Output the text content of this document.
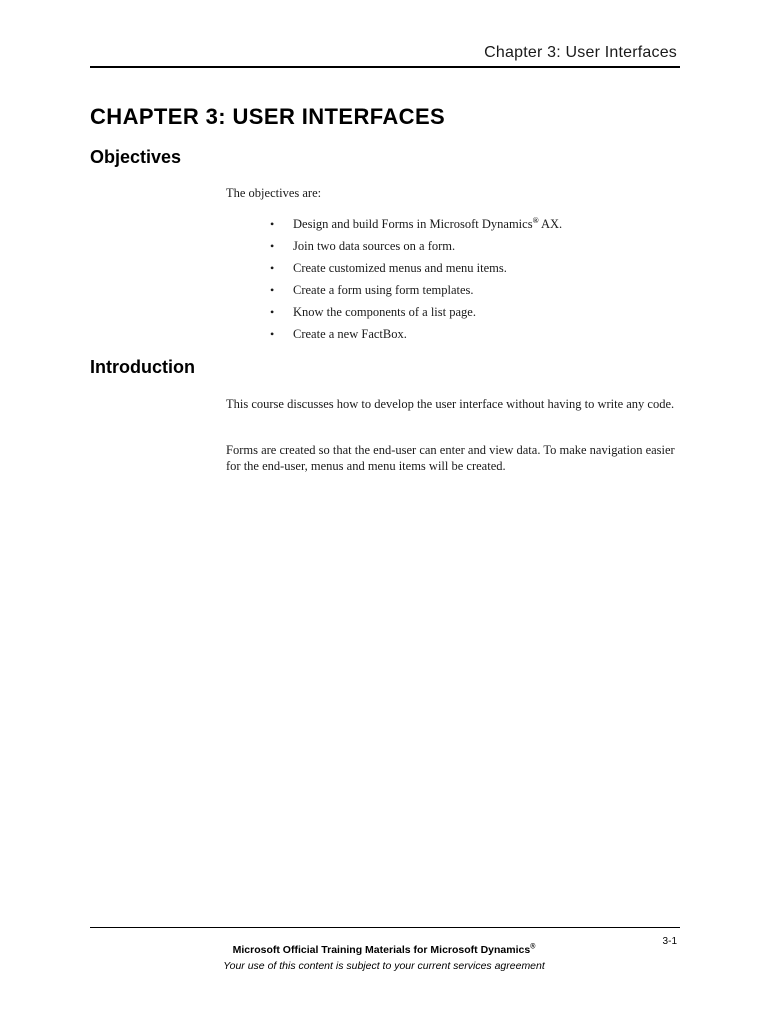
Chapter 3: User Interfaces
CHAPTER 3: USER INTERFACES
Objectives

The objectives are:

• Design and build Forms in Microsoft Dynamics® AX.
• Join two data sources on a form.
• Create customized menus and menu items.
• Create a form using form templates.
• Know the components of a list page.
• Create a new FactBox.
Introduction

This course discusses how to develop the user interface without having to write any code.

Forms are created so that the end-user can enter and view data. To make navigation easier for the end-user, menus and menu items will be created.

3-1
Microsoft Official Training Materials for Microsoft Dynamics®
Your use of this content is subject to your current services agreement
